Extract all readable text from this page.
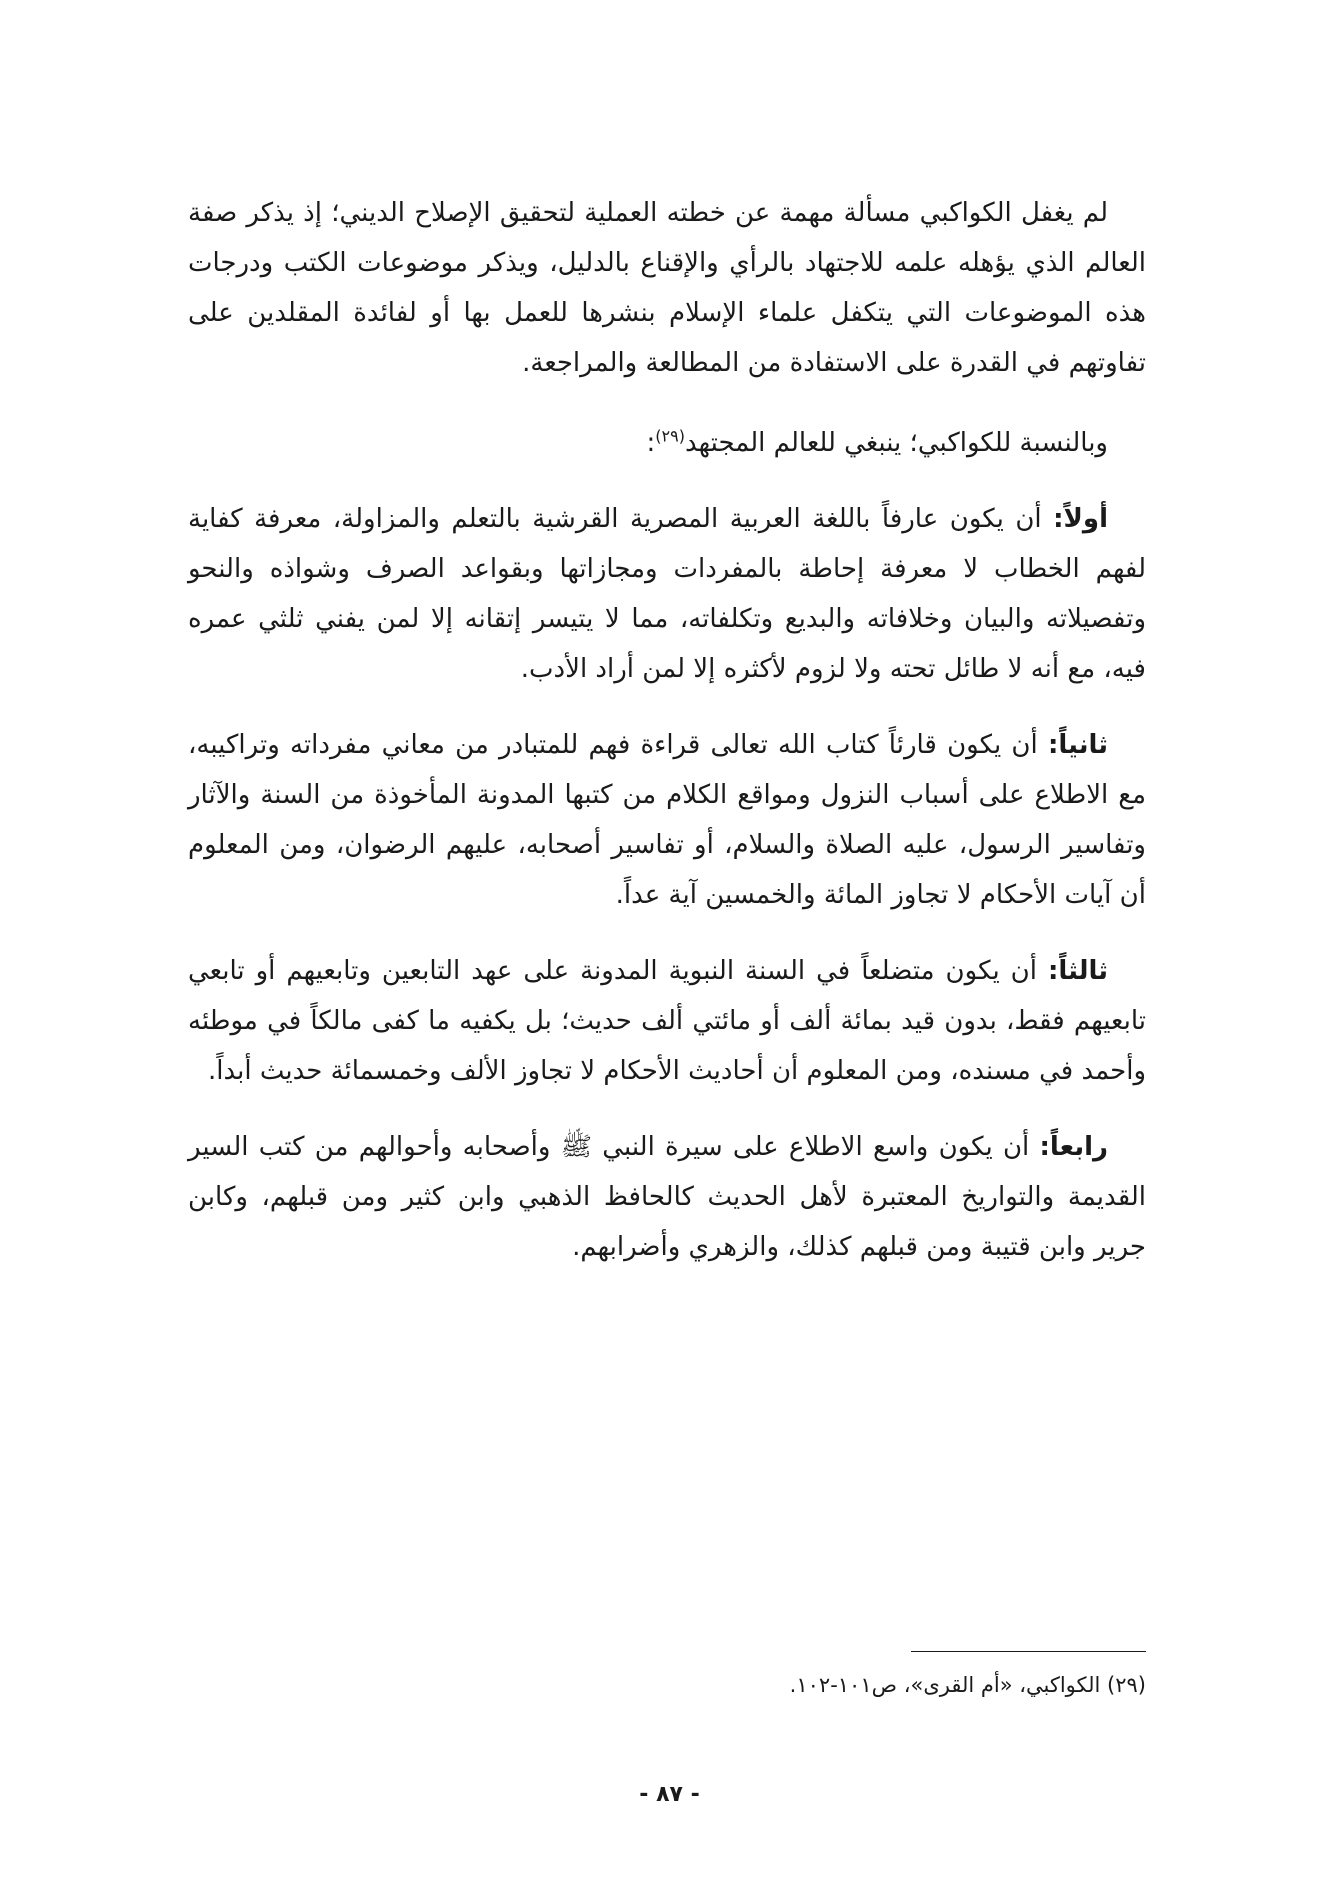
لم يغفل الكواكبي مسألة مهمة عن خطته العملية لتحقيق الإصلاح الديني؛ إذ يذكر صفة العالم الذي يؤهله علمه للاجتهاد بالرأي والإقناع بالدليل، ويذكر موضوعات الكتب ودرجات هذه الموضوعات التي يتكفل علماء الإسلام بنشرها للعمل بها أو لفائدة المقلدين على تفاوتهم في القدرة على الاستفادة من المطالعة والمراجعة.

وبالنسبة للكواكبي؛ ينبغي للعالم المجتهد$^{(٢٩)}$:

أولاً: أن يكون عارفاً باللغة العربية المصرية القرشية بالتعلم والمزاولة، معرفة كفاية لفهم الخطاب لا معرفة إحاطة بالمفردات ومجازاتها وبقواعد الصرف وشواذه والنحو وتفصيلاته والبيان وخلافاته والبديع وتكلفاته، مما لا يتيسر إتقانه إلا لمن يفني ثلثي عمره فيه، مع أنه لا طائل تحته ولا لزوم لأكثره إلا لمن أراد الأدب.

ثانياً: أن يكون قارئاً كتاب الله تعالى قراءة فهم للمتبادر من معاني مفرداته وتراكيبه، مع الاطلاع على أسباب النزول ومواقع الكلام من كتبها المدونة المأخوذة من السنة والآثار وتفاسير الرسول، عليه الصلاة والسلام، أو تفاسير أصحابه، عليهم الرضوان، ومن المعلوم أن آيات الأحكام لا تجاوز المائة والخمسين آية عداً.

ثالثاً: أن يكون متضلعاً في السنة النبوية المدونة على عهد التابعين وتابعيهم أو تابعي تابعيهم فقط، بدون قيد بمائة ألف أو مائتي ألف حديث؛ بل يكفيه ما كفى مالكاً في موطئه وأحمد في مسنده، ومن المعلوم أن أحاديث الأحكام لا تجاوز الألف وخمسمائة حديث أبداً.

رابعاً: أن يكون واسع الاطلاع على سيرة النبي ﷺ وأصحابه وأحوالهم من كتب السير القديمة والتواريخ المعتبرة لأهل الحديث كالحافظ الذهبي وابن كثير ومن قبلهم، وكابن جرير وابن قتيبة ومن قبلهم كذلك، والزهري وأضرابهم.

(٢٩) الكواكبي، «أم القرى»، ص١٠١-١٠٢.
- ٨٧ -
